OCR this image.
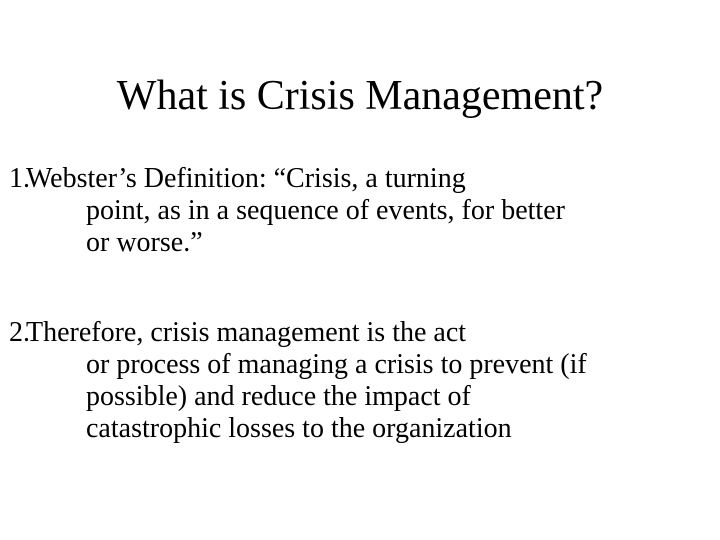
What is Crisis Management?
1.
Webster’s Definition: “Crisis, a turning
point, as in a sequence of events, for better
or worse.”
2.
Therefore, crisis management is the act
or process of managing a crisis to prevent (if
possible) and reduce the impact of
catastrophic losses to the organization
